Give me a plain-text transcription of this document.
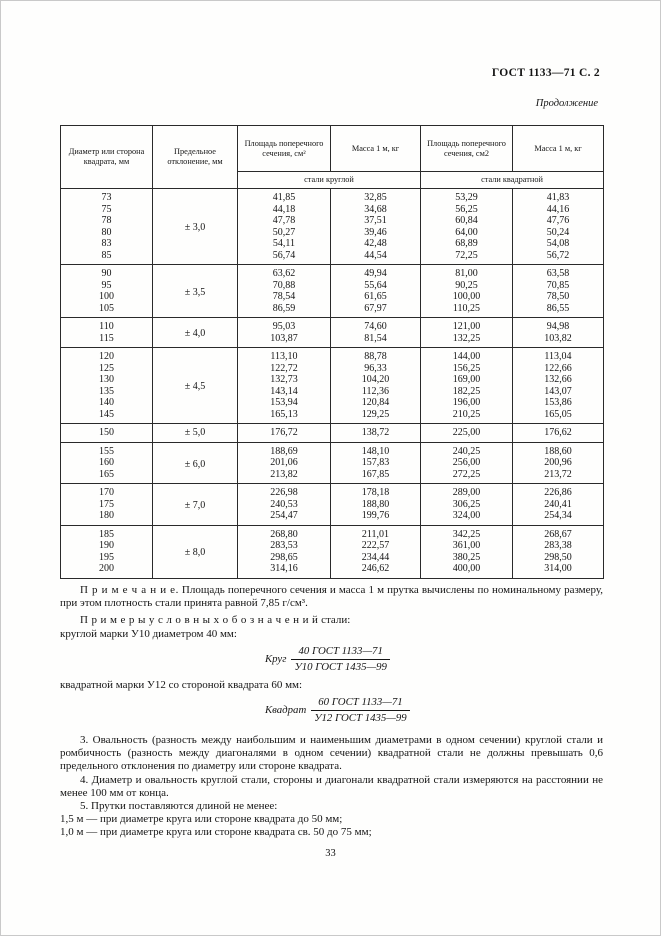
ГОСТ 1133—71 С. 2
Продолжение
Диаметр или сторона квадрата, мм	Предельное отклонение, мм	Площадь поперечного сечения, см²	Масса 1 м, кг	Площадь поперечного сечения, см2	Масса 1 м, кг
		стали круглой		стали квадратной	
73	± 3,0	41,85	32,85	53,29	41,83
75		44,18	34,68	56,25	44,16
78		47,78	37,51	60,84	47,76
80		50,27	39,46	64,00	50,24
83		54,11	42,48	68,89	54,08
85		56,74	44,54	72,25	56,72
90	± 3,5	63,62	49,94	81,00	63,58
95		70,88	55,64	90,25	70,85
100		78,54	61,65	100,00	78,50
105		86,59	67,97	110,25	86,55
110	± 4,0	95,03	74,60	121,00	94,98
115		103,87	81,54	132,25	103,82
120	± 4,5	113,10	88,78	144,00	113,04
125		122,72	96,33	156,25	122,66
130		132,73	104,20	169,00	132,66
135		143,14	112,36	182,25	143,07
140		153,94	120,84	196,00	153,86
145		165,13	129,25	210,25	165,05
150	± 5,0	176,72	138,72	225,00	176,62
155	± 6,0	188,69	148,10	240,25	188,60
160		201,06	157,83	256,00	200,96
165		213,82	167,85	272,25	213,72
170	± 7,0	226,98	178,18	289,00	226,86
175		240,53	188,80	306,25	240,41
180		254,47	199,76	324,00	254,34
185	± 8,0	268,80	211,01	342,25	268,67
190		283,53	222,57	361,00	283,38
195		298,65	234,44	380,25	298,50
200		314,16	246,62	400,00	314,00

П р и м е ч а н и е. Площадь поперечного сечения и масса 1 м прутка вычислены по номинальному размеру, при этом плотность стали принята равной 7,85 г/см³.

П р и м е р ы у с л о в н ы х о б о з н а ч е н и й стали:

круглой марки У10 диаметром 40 мм:

Круг $\frac{\text{40 ГОСТ 1133—71}}{\text{У10 ГОСТ 1435—99}}$

квадратной марки У12 со стороной квадрата 60 мм:

Квадрат $\frac{\text{60 ГОСТ 1133—71}}{\text{У12 ГОСТ 1435—99}}$

3. Овальность (разность между наибольшим и наименьшим диаметрами в одном сечении) круглой стали и ромбичность (разность между диагоналями в одном сечении) квадратной стали не должны превышать 0,6 предельного отклонения по диаметру или стороне квадрата.

4. Диаметр и овальность круглой стали, стороны и диагонали квадратной стали измеряются на расстоянии не менее 100 мм от конца.

5. Прутки поставляются длиной не менее:

1,5 м — при диаметре круга или стороне квадрата до 50 мм;

1,0 м — при диаметре круга или стороне квадрата св. 50 до 75 мм;

33
